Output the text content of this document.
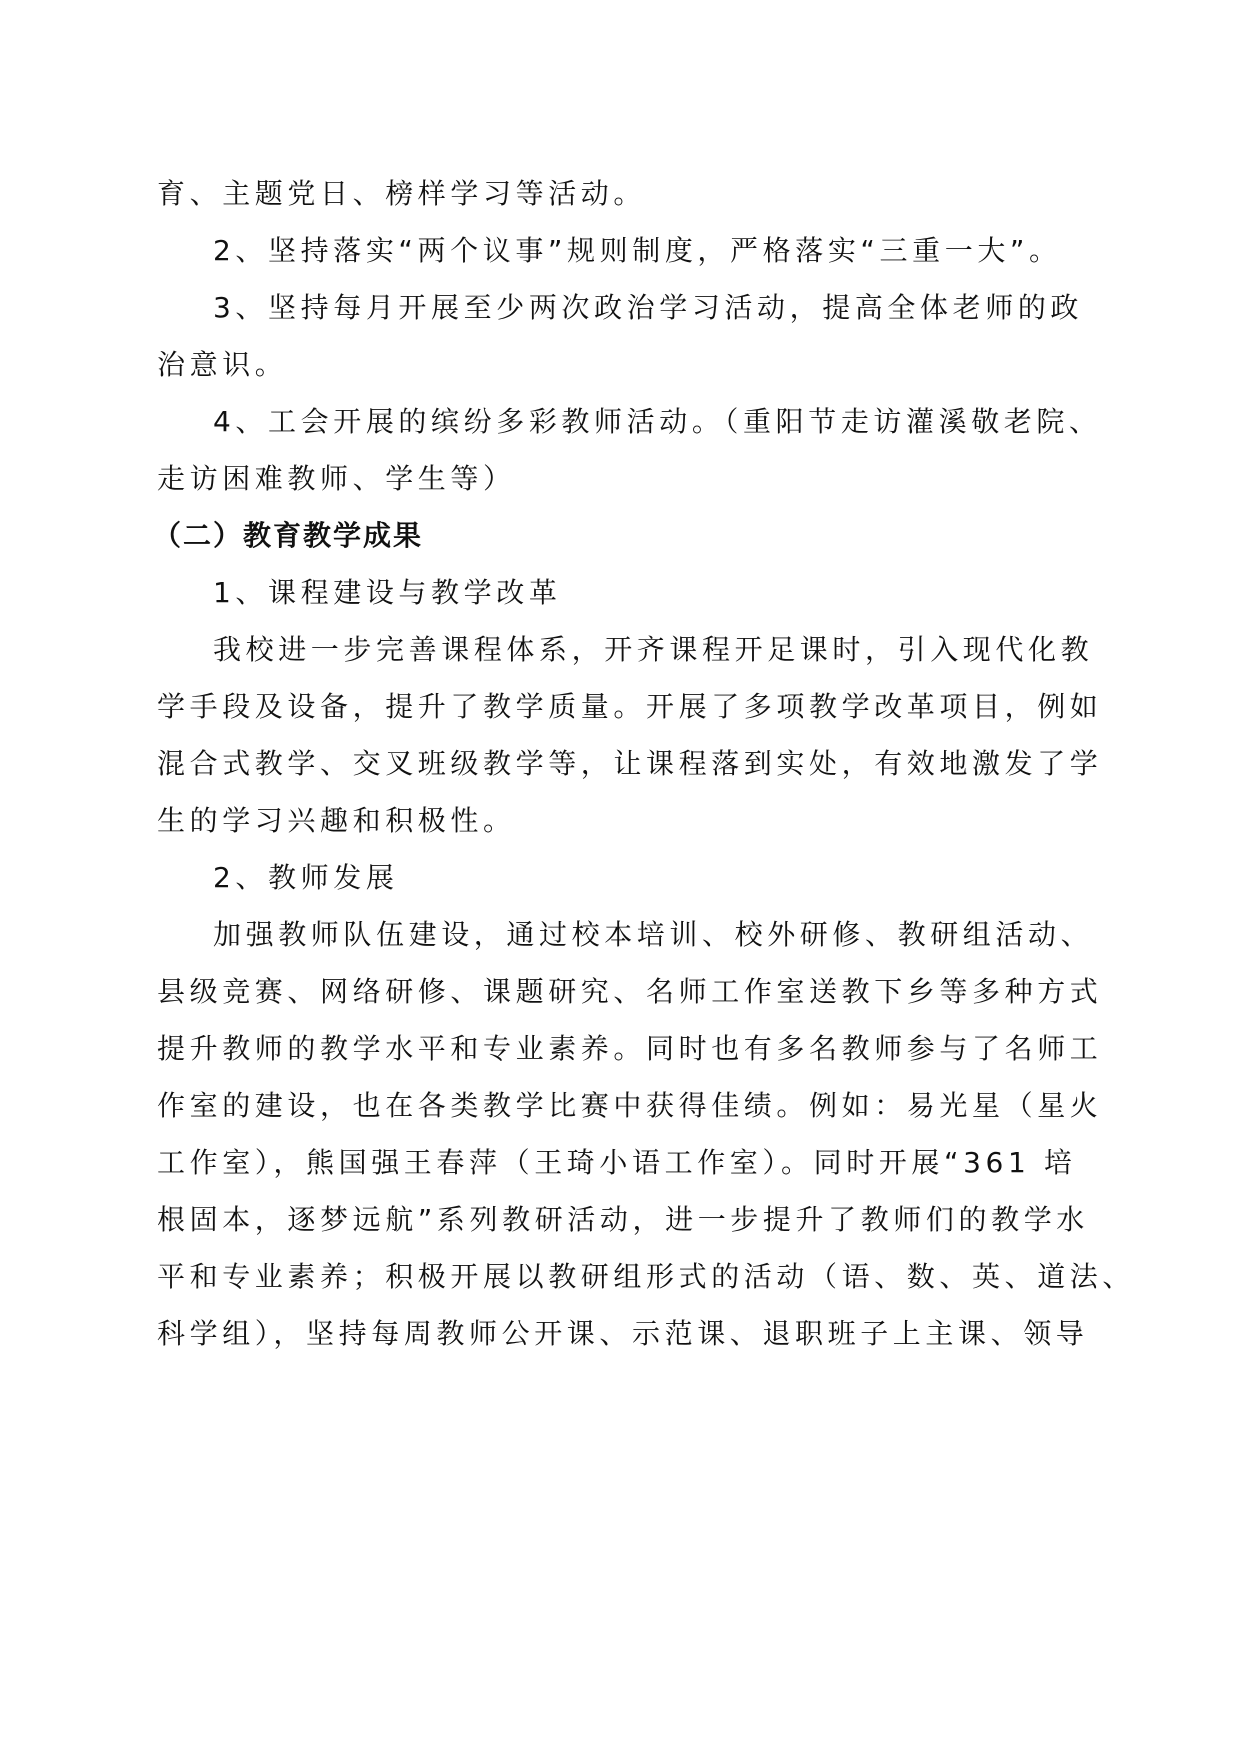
育、主题党日、榜样学习等活动。
2、坚持落实“两个议事”规则制度，严格落实“三重一大”。
3、坚持每月开展至少两次政治学习活动，提高全体老师的政
治意识。
4、工会开展的缤纷多彩教师活动。（重阳节走访灌溪敬老院、
走访困难教师、学生等）
（二）教育教学成果
1、课程建设与教学改革
我校进一步完善课程体系，开齐课程开足课时，引入现代化教
学手段及设备，提升了教学质量。开展了多项教学改革项目，例如
混合式教学、交叉班级教学等，让课程落到实处，有效地激发了学
生的学习兴趣和积极性。
2、教师发展
加强教师队伍建设，通过校本培训、校外研修、教研组活动、
县级竞赛、网络研修、课题研究、名师工作室送教下乡等多种方式
提升教师的教学水平和专业素养。同时也有多名教师参与了名师工
作室的建设，也在各类教学比赛中获得佳绩。例如：易光星（星火
工作室），熊国强王春萍（王琦小语工作室）。同时开展“361 培
根固本，逐梦远航”系列教研活动，进一步提升了教师们的教学水
平和专业素养；积极开展以教研组形式的活动（语、数、英、道法、
科学组），坚持每周教师公开课、示范课、退职班子上主课、领导
